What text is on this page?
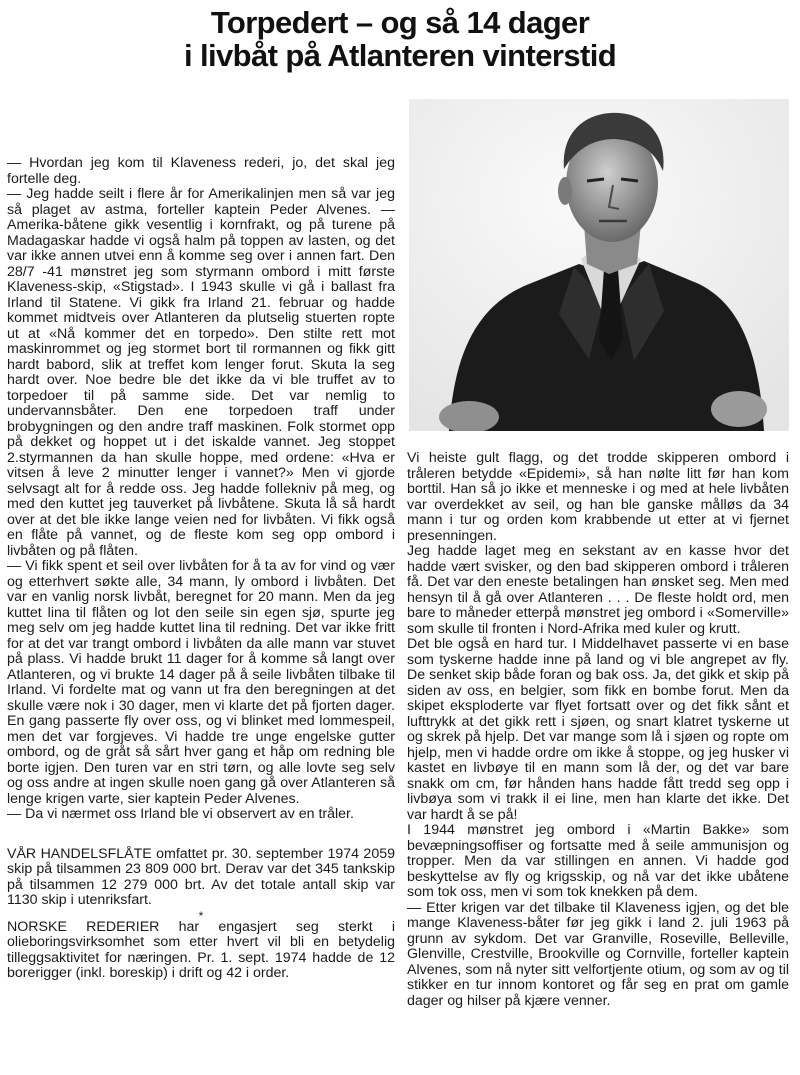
Torpedert – og så 14 dager
i livbåt på Atlanteren vinterstid

— Hvordan jeg kom til Klaveness rederi, jo, det skal jeg fortelle deg.

— Jeg hadde seilt i flere år for Amerikalinjen men så var jeg så plaget av astma, forteller kaptein Peder Alvenes. — Amerika-båtene gikk vesentlig i kornfrakt, og på turene på Madagaskar hadde vi også halm på toppen av lasten, og det var ikke annen utvei enn å komme seg over i annen fart. Den 28/7 -41 mønstret jeg som styrmann ombord i mitt første Klaveness-skip, «Stigstad». I 1943 skulle vi gå i ballast fra Irland til Statene. Vi gikk fra Irland 21. februar og hadde kommet midtveis over Atlanteren da plutselig stuerten ropte ut at «Nå kommer det en torpedo». Den stilte rett mot maskinrommet og jeg stormet bort til rormannen og fikk gitt hardt babord, slik at treffet kom lenger forut. Skuta la seg hardt over. Noe bedre ble det ikke da vi ble truffet av to torpedoer til på samme side. Det var nemlig to undervannsbåter. Den ene torpedoen traff under brobygningen og den andre traff maskinen. Folk stormet opp på dekket og hoppet ut i det iskalde vannet. Jeg stoppet 2.styrmannen da han skulle hoppe, med ordene: «Hva er vitsen å leve 2 minutter lenger i vannet?» Men vi gjorde selvsagt alt for å redde oss. Jeg hadde follekniv på meg, og med den kuttet jeg tauverket på livbåtene. Skuta lå så hardt over at det ble ikke lange veien ned for livbåten. Vi fikk også en flåte på vannet, og de fleste kom seg opp ombord i livbåten og på flåten.

— Vi fikk spent et seil over livbåten for å ta av for vind og vær og etterhvert søkte alle, 34 mann, ly ombord i livbåten. Det var en vanlig norsk livbåt, beregnet for 20 mann. Men da jeg kuttet lina til flåten og lot den seile sin egen sjø, spurte jeg meg selv om jeg hadde kuttet lina til redning. Det var ikke fritt for at det var trangt ombord i livbåten da alle mann var stuvet på plass. Vi hadde brukt 11 dager for å komme så langt over Atlanteren, og vi brukte 14 dager på å seile livbåten tilbake til Irland. Vi fordelte mat og vann ut fra den beregningen at det skulle være nok i 30 dager, men vi klarte det på fjorten dager. En gang passerte fly over oss, og vi blinket med lommespeil, men det var forgjeves. Vi hadde tre unge engelske gutter ombord, og de gråt så sårt hver gang et håp om redning ble borte igjen. Den turen var en stri tørn, og alle lovte seg selv og oss andre at ingen skulle noen gang gå over Atlanteren så lenge krigen varte, sier kaptein Peder Alvenes.

— Da vi nærmet oss Irland ble vi observert av en tråler.

VÅR HANDELSFLÅTE omfattet pr. 30. september 1974 2059 skip på tilsammen 23 809 000 brt. Derav var det 345 tankskip på tilsammen 12 279 000 brt. Av det totale antall skip var 1130 skip i utenriksfart.

*

NORSKE REDERIER har engasjert seg sterkt i olieboringsvirksomhet som etter hvert vil bli en betydelig tilleggsaktivitet for næringen. Pr. 1. sept. 1974 hadde de 12 borerigger (inkl. boreskip) i drift og 42 i order.

Vi heiste gult flagg, og det trodde skipperen ombord i tråleren betydde «Epidemi», så han nølte litt før han kom borttil. Han så jo ikke et menneske i og med at hele livbåten var overdekket av seil, og han ble ganske målløs da 34 mann i tur og orden kom krabbende ut etter at vi fjernet presenningen.

Jeg hadde laget meg en sekstant av en kasse hvor det hadde vært svisker, og den bad skipperen ombord i tråleren få. Det var den eneste betalingen han ønsket seg. Men med hensyn til å gå over Atlanteren . . . De fleste holdt ord, men bare to måneder etterpå mønstret jeg ombord i «Somerville» som skulle til fronten i Nord-Afrika med kuler og krutt.

Det ble også en hard tur. I Middelhavet passerte vi en base som tyskerne hadde inne på land og vi ble angrepet av fly. De senket skip både foran og bak oss. Ja, det gikk et skip på siden av oss, en belgier, som fikk en bombe forut. Men da skipet eksploderte var flyet fortsatt over og det fikk sånt et lufttrykk at det gikk rett i sjøen, og snart klatret tyskerne ut og skrek på hjelp. Det var mange som lå i sjøen og ropte om hjelp, men vi hadde ordre om ikke å stoppe, og jeg husker vi kastet en livbøye til en mann som lå der, og det var bare snakk om cm, før hånden hans hadde fått tredd seg opp i livbøya som vi trakk il ei line, men han klarte det ikke. Det var hardt å se på!

I 1944 mønstret jeg ombord i «Martin Bakke» som bevæpningsoffiser og fortsatte med å seile ammunisjon og tropper. Men da var stillingen en annen. Vi hadde god beskyttelse av fly og krigsskip, og nå var det ikke ubåtene som tok oss, men vi som tok knekken på dem.

— Etter krigen var det tilbake til Klaveness igjen, og det ble mange Klaveness-båter før jeg gikk i land 2. juli 1963 på grunn av sykdom. Det var Granville, Roseville, Belleville, Glenville, Crestville, Brookville og Cornville, forteller kaptein Alvenes, som nå nyter sitt velfortjente otium, og som av og til stikker en tur innom kontoret og får seg en prat om gamle dager og hilser på kjære venner.
